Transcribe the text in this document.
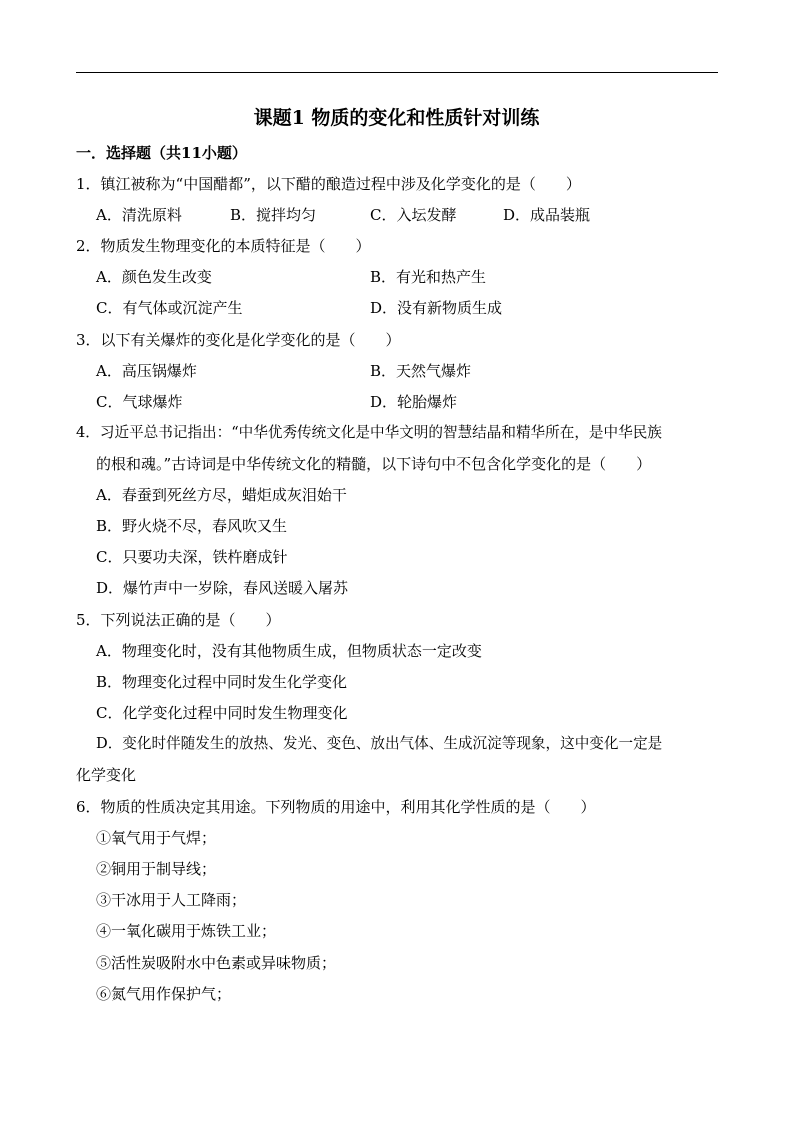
课题1 物质的变化和性质针对训练
一．选择题（共11小题）
1．镇江被称为“中国醋都”，以下醋的酿造过程中涉及化学变化的是（　　）
A．清洗原料	B．搅拌均匀	C．入坛发酵	D．成品装瓶
2．物质发生物理变化的本质特征是（　　）
A．颜色发生改变	B．有光和热产生
C．有气体或沉淀产生	D．没有新物质生成
3．以下有关爆炸的变化是化学变化的是（　　）
A．高压锅爆炸	B．天然气爆炸
C．气球爆炸	D．轮胎爆炸
4．习近平总书记指出：“中华优秀传统文化是中华文明的智慧结晶和精华所在，是中华民族
的根和魂。”古诗词是中华传统文化的精髓，以下诗句中不包含化学变化的是（　　）
A．春蚕到死丝方尽，蜡炬成灰泪始干
B．野火烧不尽，春风吹又生
C．只要功夫深，铁杵磨成针
D．爆竹声中一岁除，春风送暖入屠苏
5．下列说法正确的是（　　）
A．物理变化时，没有其他物质生成，但物质状态一定改变
B．物理变化过程中同时发生化学变化
C．化学变化过程中同时发生物理变化
D．变化时伴随发生的放热、发光、变色、放出气体、生成沉淀等现象，这中变化一定是
化学变化
6．物质的性质决定其用途。下列物质的用途中，利用其化学性质的是（　　）
①氧气用于气焊；
②铜用于制导线；
③干冰用于人工降雨；
④一氧化碳用于炼铁工业；
⑤活性炭吸附水中色素或异味物质；
⑥氮气用作保护气；
